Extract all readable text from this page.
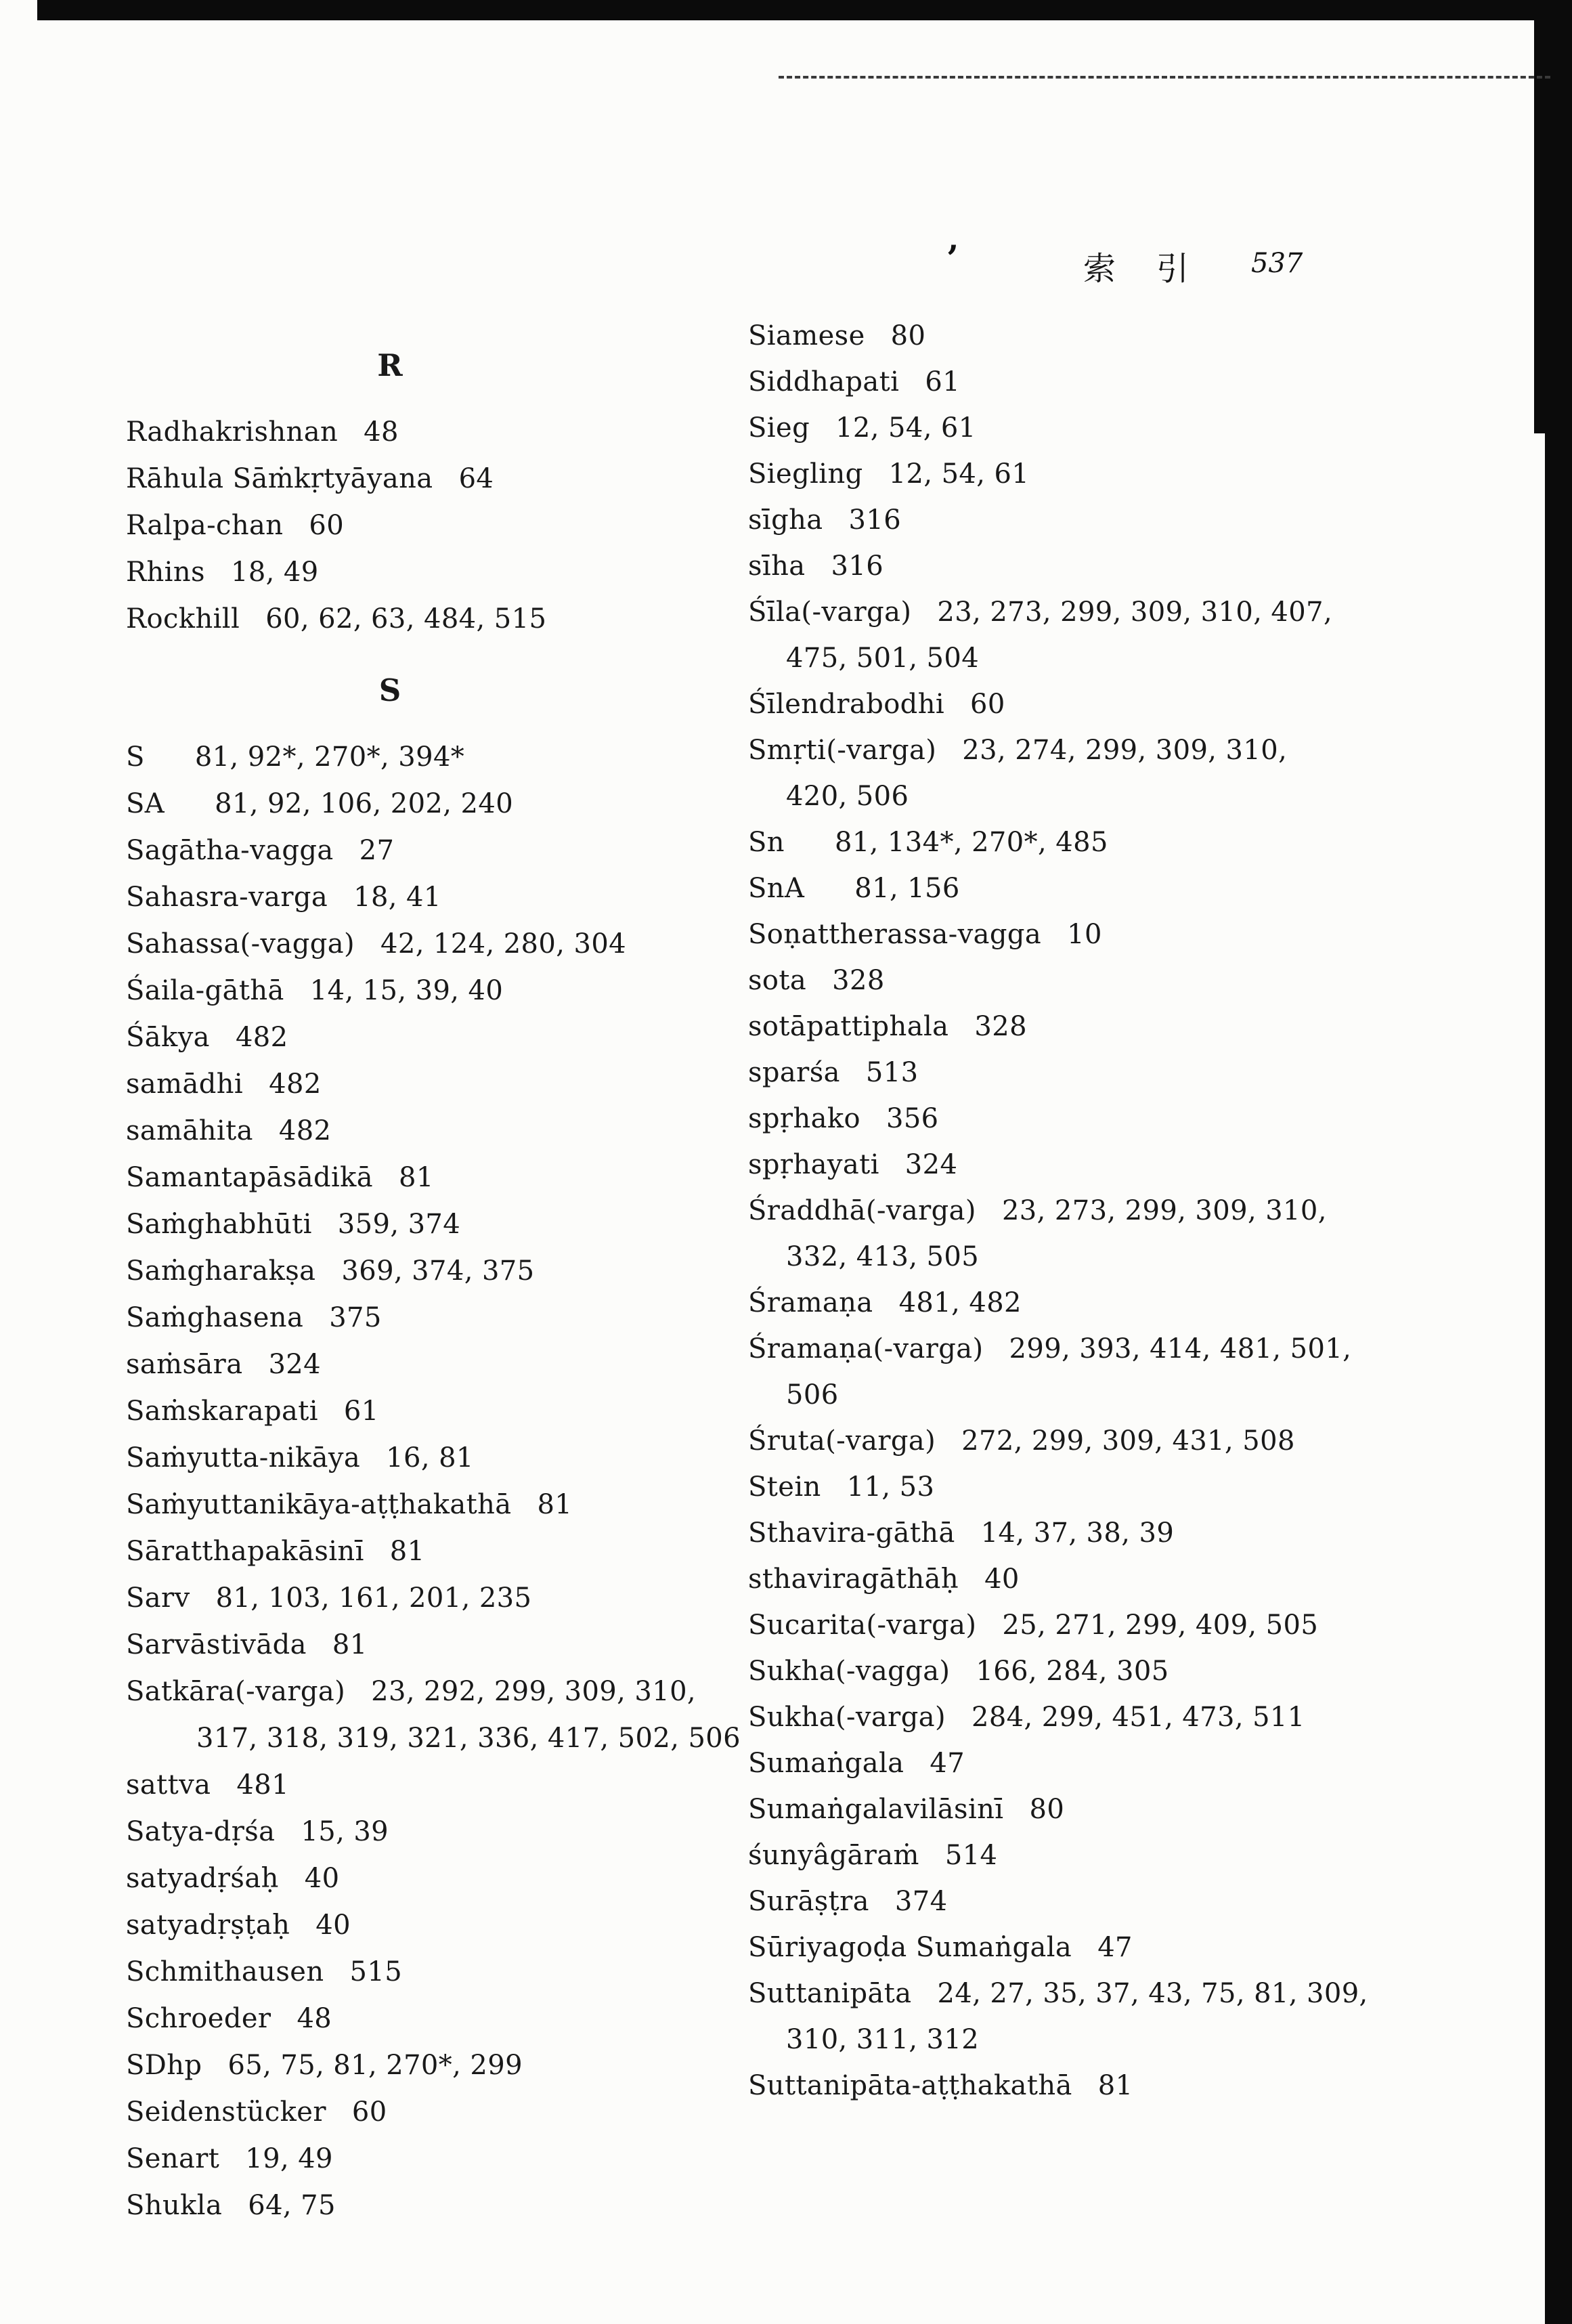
’	索　引 537
R
Radhakrishnan 48
Rāhula Sāṁkṛtyāyana 64
Ralpa-chan 60
Rhins 18, 49
Rockhill 60, 62, 63, 484, 515
S
S 81, 92*, 270*, 394*
SA 81, 92, 106, 202, 240
Sagātha-vagga 27
Sahasra-varga 18, 41
Sahassa(-vagga) 42, 124, 280, 304
Śaila-gāthā 14, 15, 39, 40
Śākya 482
samādhi 482
samāhita 482
Samantapāsādikā 81
Saṁghabhūti 359, 374
Saṁgharakṣa 369, 374, 375
Saṁghasena 375
saṁsāra 324
Saṁskarapati 61
Saṁyutta-nikāya 16, 81
Saṁyuttanikāya-aṭṭhakathā 81
Sāratthapakāsinī 81
Sarv 81, 103, 161, 201, 235
Sarvāstivāda 81
Satkāra(-varga) 23, 292, 299, 309, 310,
317, 318, 319, 321, 336, 417, 502, 506
sattva 481
Satya-dṛśa 15, 39
satyadṛśaḥ 40
satyadṛṣṭaḥ 40
Schmithausen 515
Schroeder 48
SDhp 65, 75, 81, 270*, 299
Seidenstücker 60
Senart 19, 49
Shukla 64, 75
Siamese 80
Siddhapati 61
Sieg 12, 54, 61
Siegling 12, 54, 61
sīgha 316
sīha 316
Śīla(-varga) 23, 273, 299, 309, 310, 407,
475, 501, 504
Śīlendrabodhi 60
Smṛti(-varga) 23, 274, 299, 309, 310,
420, 506
Sn 81, 134*, 270*, 485
SnA 81, 156
Soṇattherassa-vagga 10
sota 328
sotāpattiphala 328
sparśa 513
spṛhako 356
spṛhayati 324
Śraddhā(-varga) 23, 273, 299, 309, 310,
332, 413, 505
Śramaṇa 481, 482
Śramaṇa(-varga) 299, 393, 414, 481, 501,
506
Śruta(-varga) 272, 299, 309, 431, 508
Stein 11, 53
Sthavira-gāthā 14, 37, 38, 39
sthaviragāthāḥ 40
Sucarita(-varga) 25, 271, 299, 409, 505
Sukha(-vagga) 166, 284, 305
Sukha(-varga) 284, 299, 451, 473, 511
Sumaṅgala 47
Sumaṅgalavilāsinī 80
śunyâgāraṁ 514
Surāṣṭra 374
Sūriyagoḍa Sumaṅgala 47
Suttanipāta 24, 27, 35, 37, 43, 75, 81, 309,
310, 311, 312
Suttanipāta-aṭṭhakathā 81
